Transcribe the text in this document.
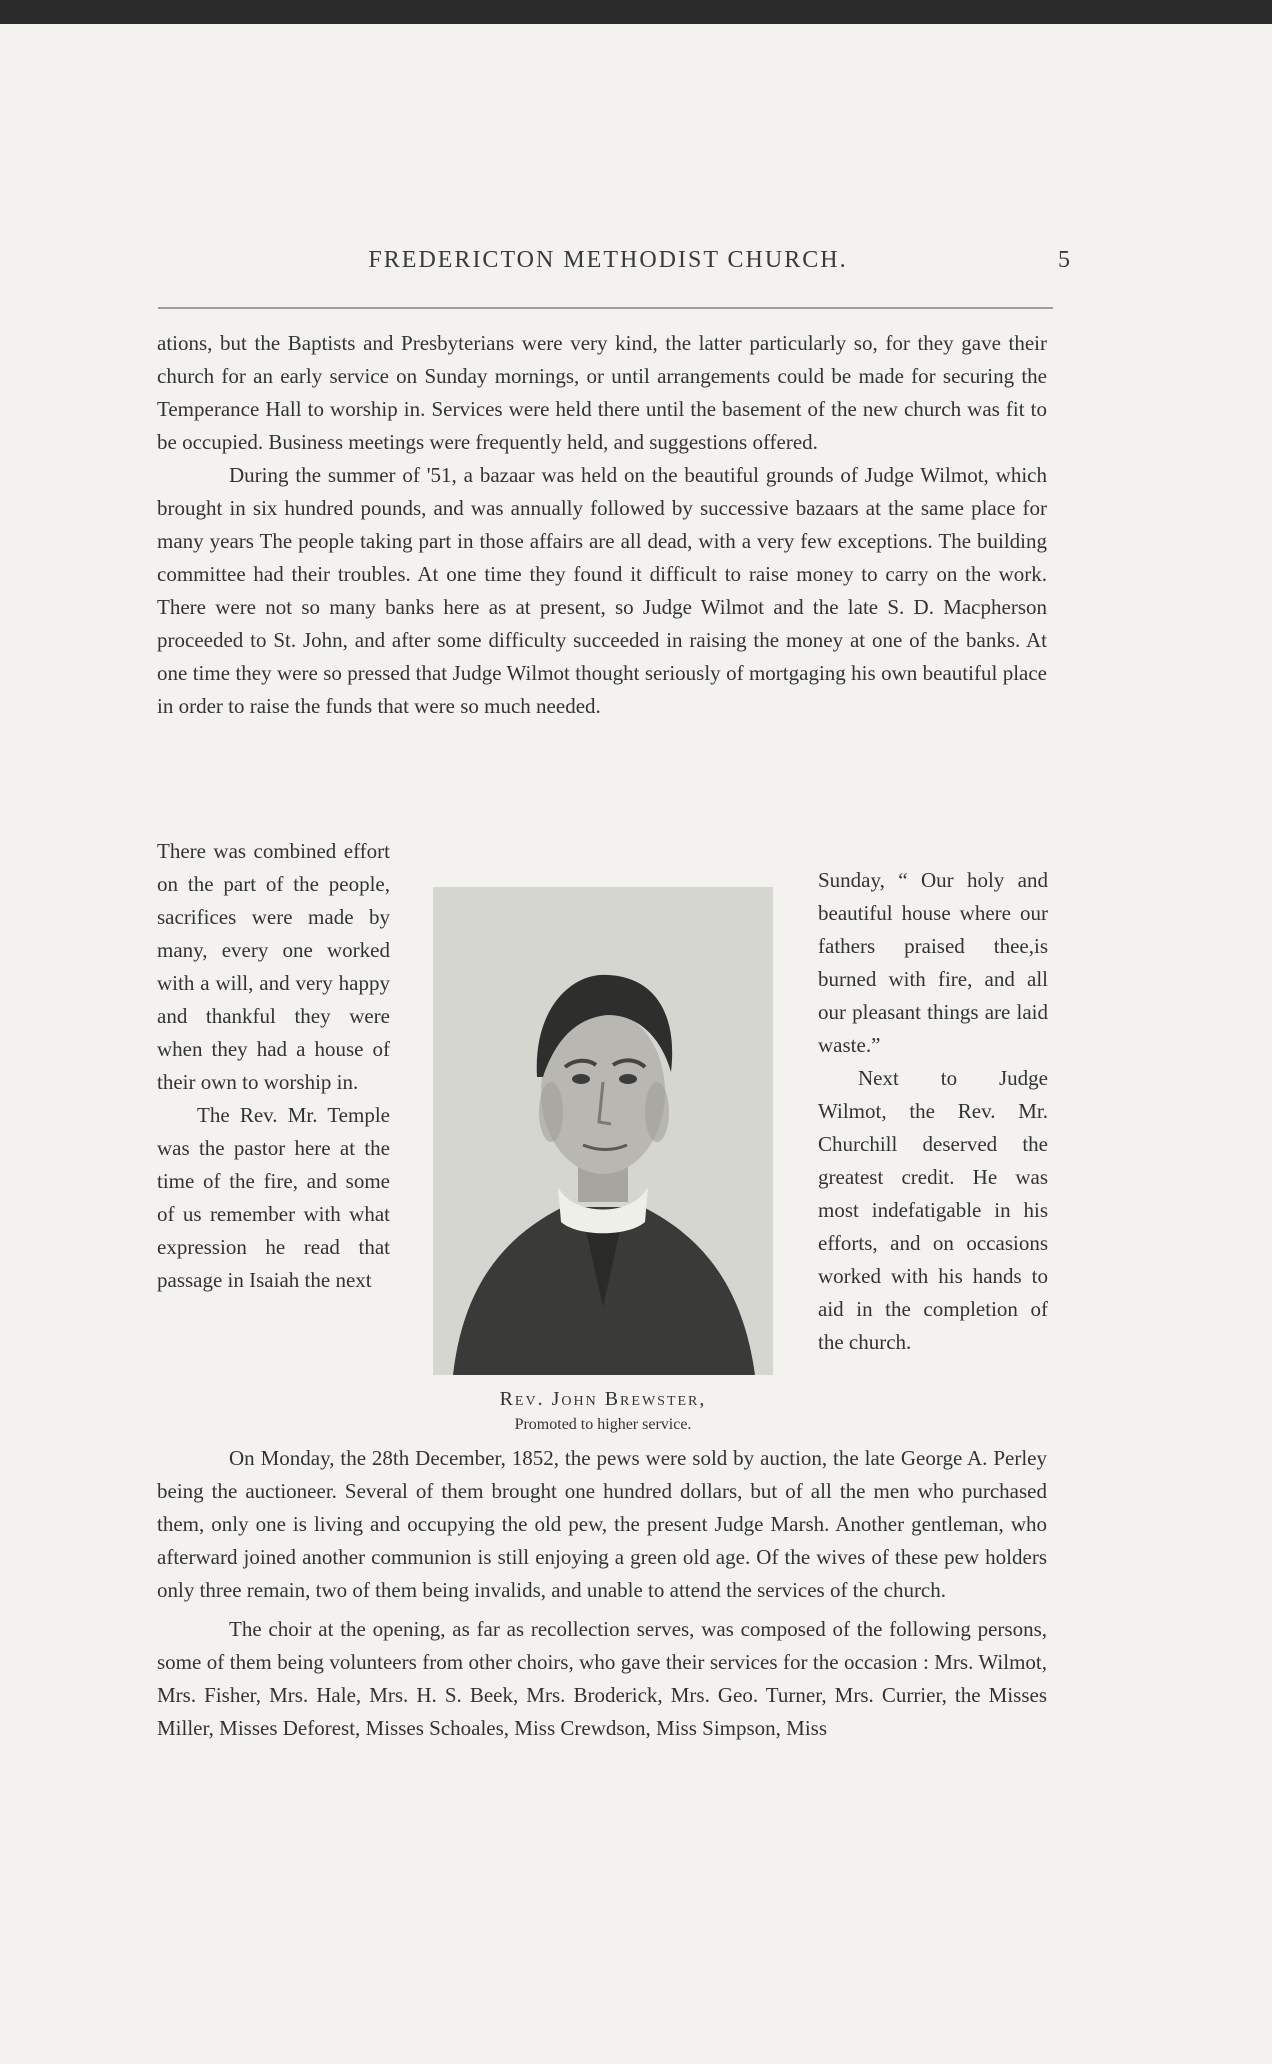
FREDERICTON METHODIST CHURCH.	5

ations, but the Baptists and Presbyterians were very kind, the latter particularly so, for they gave their church for an early service on Sunday mornings, or until arrangements could be made for securing the Temperance Hall to worship in. Services were held there until the basement of the new church was fit to be occupied. Business meetings were frequently held, and suggestions offered.

During the summer of '51, a bazaar was held on the beautiful grounds of Judge Wilmot, which brought in six hundred pounds, and was annually followed by successive bazaars at the same place for many years The people taking part in those affairs are all dead, with a very few exceptions. The building committee had their troubles. At one time they found it difficult to raise money to carry on the work. There were not so many banks here as at present, so Judge Wilmot and the late S. D. Macpherson proceeded to St. John, and after some difficulty succeeded in raising the money at one of the banks. At one time they were so pressed that Judge Wilmot thought seriously of mortgaging his own beautiful place in order to raise the funds that were so much needed.

There was combined effort on the part of the people, sacrifices were made by many, every one worked with a will, and very happy and thankful they were when they had a house of their own to worship in.

The Rev. Mr. Temple was the pastor here at the time of the fire, and some of us remember with what expression he read that passage in Isaiah the next

Rev. John Brewster,
Promoted to higher service.

Sunday, “ Our holy and beautiful house where our fathers praised thee,is burned with fire, and all our pleasant things are laid waste.”

Next to Judge Wilmot, the Rev. Mr. Churchill deserved the greatest credit. He was most indefatigable in his efforts, and on occasions worked with his hands to aid in the completion of the church.

On Monday, the 28th December, 1852, the pews were sold by auction, the late George A. Perley being the auctioneer. Several of them brought one hundred dollars, but of all the men who purchased them, only one is living and occupying the old pew, the present Judge Marsh. Another gentleman, who afterward joined another communion is still enjoying a green old age. Of the wives of these pew holders only three remain, two of them being invalids, and unable to attend the services of the church.

The choir at the opening, as far as recollection serves, was composed of the following persons, some of them being volunteers from other choirs, who gave their services for the occasion : Mrs. Wilmot, Mrs. Fisher, Mrs. Hale, Mrs. H. S. Beek, Mrs. Broderick, Mrs. Geo. Turner, Mrs. Currier, the Misses Miller, Misses Deforest, Misses Schoales, Miss Crewdson, Miss Simpson, Miss
